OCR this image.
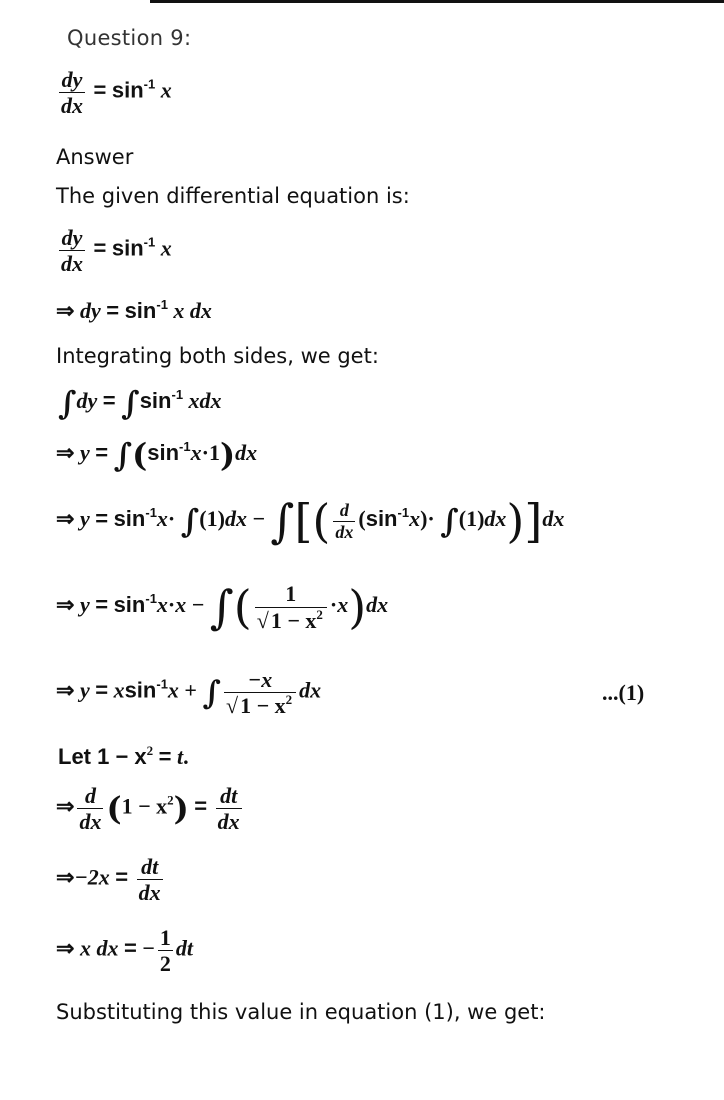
Question 9:
$\frac{dy}{dx} = \sin^{-1} x$
Answer
The given differential equation is:
$\frac{dy}{dx} = \sin^{-1} x$
⇒ dy = $\sin^{-1} x$ dx
Integrating both sides, we get:
$\int dy = \int\sin^{-1}$ xdx
⇒ $y = \int(\sin^{-1}x\cdot 1)dx$
⇒ $y = \sin^{-1}x\cdot \int(1)dx$ − ∫[( $\frac{d}{dx} (\sin^{-1}x)\cdot \int(1)dx)]dx$
⇒ $y = \sin^{-1}x\cdot x$ − ∫( $\frac{1}{√1 - x^2} \cdot x)dx$
⇒ y = xsin$^{-1}$x + ∫ $\frac{-x}{√1 - x^2}$ dx	...(1)
Let $1 - x^2 = t$.
⇒ $\frac{d}{dx} (1 - x^2) = \frac{dt}{dx}$
⇒−2x = $\frac{dt}{dx}$
⇒ x dx = − $\frac{1}{2}$ dt
Substituting this value in equation (1), we get:
